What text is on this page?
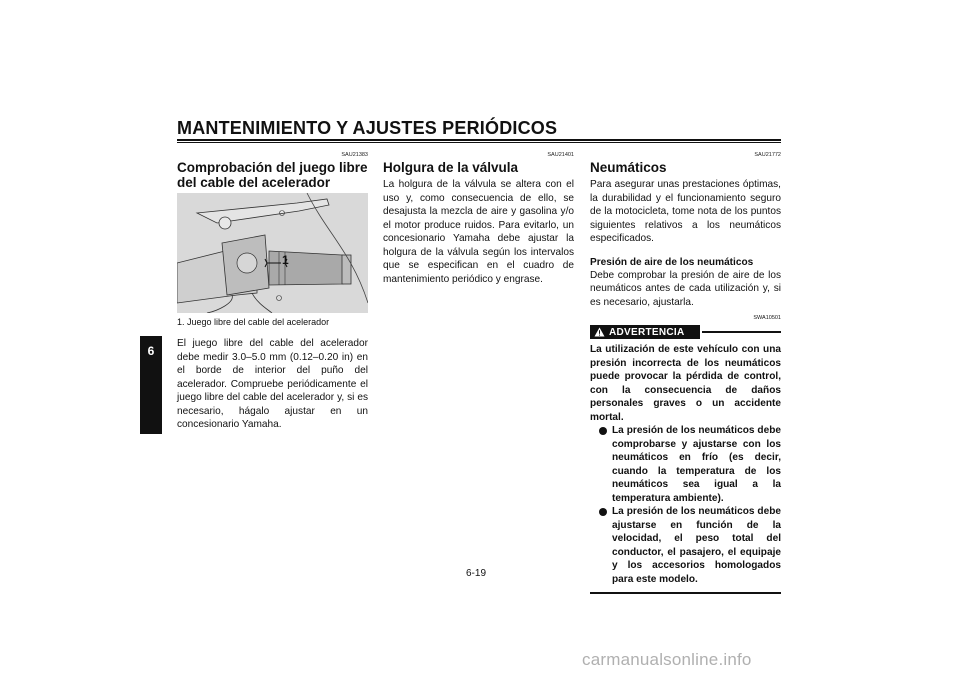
MANTENIMIENTO Y AJUSTES PERIÓDICOS
6
SAU21383
Comprobación del juego libre del cable del acelerador
1
1. Juego libre del cable del acelerador
El juego libre del cable del acelerador debe medir 3.0–5.0 mm (0.12–0.20 in) en el borde de interior del puño del acelerador. Compruebe periódicamente el juego libre del cable del acelerador y, si es necesario, hágalo ajustar en un concesionario Yamaha.
SAU21401
Holgura de la válvula
La holgura de la válvula se altera con el uso y, como consecuencia de ello, se desajusta la mezcla de aire y gasolina y/o el motor produce ruidos. Para evitarlo, un concesionario Yamaha debe ajustar la holgura de la válvula según los intervalos que se especifican en el cuadro de mantenimiento periódico y engrase.
SAU21772
Neumáticos
Para asegurar unas prestaciones óptimas, la durabilidad y el funcionamiento seguro de la motocicleta, tome nota de los puntos siguientes relativos a los neumáticos especificados.
Presión de aire de los neumáticos
Debe comprobar la presión de aire de los neumáticos antes de cada utilización y, si es necesario, ajustarla.
SWA10501
ADVERTENCIA
La utilización de este vehículo con una presión incorrecta de los neumáticos puede provocar la pérdida de control, con la consecuencia de daños personales graves o un accidente mortal.
La presión de los neumáticos debe comprobarse y ajustarse con los neumáticos en frío (es decir, cuando la temperatura de los neumáticos sea igual a la temperatura ambiente).
La presión de los neumáticos debe ajustarse en función de la velocidad, el peso total del conductor, el pasajero, el equipaje y los accesorios homologados para este modelo.
6-19
carmanualsonline.info
